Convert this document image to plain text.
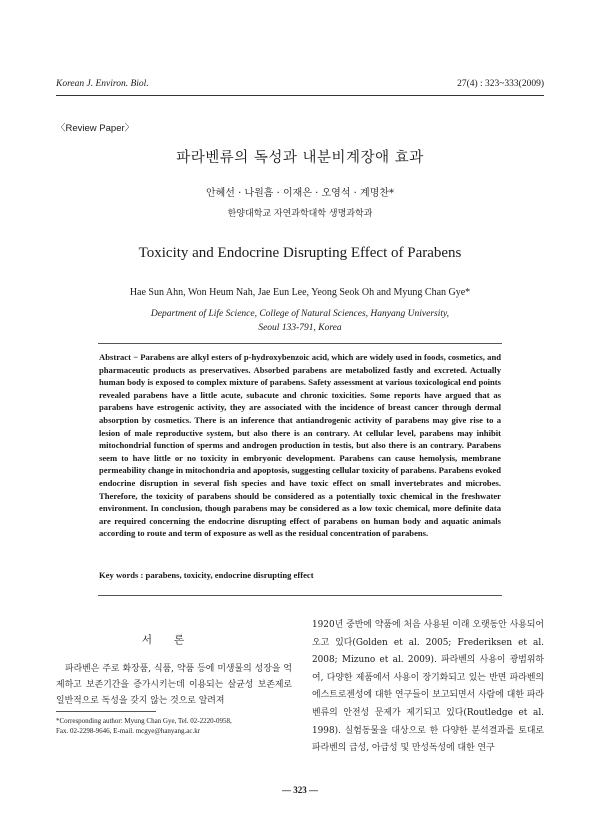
Korean J. Environ. Biol.	27(4) : 323~333(2009)
〈Review Paper〉
파라벤류의 독성과 내분비계장애 효과
안혜선 · 나원흠 · 이재은 · 오영석 · 계명찬*
한양대학교 자연과학대학 생명과학과
Toxicity and Endocrine Disrupting Effect of Parabens
Hae Sun Ahn, Won Heum Nah, Jae Eun Lee, Yeong Seok Oh and Myung Chan Gye*
Department of Life Science, College of Natural Sciences, Hanyang University,
Seoul 133-791, Korea

Abstract − Parabens are alkyl esters of p-hydroxybenzoic acid, which are widely used in foods, cosmetics, and pharmaceutic products as preservatives. Absorbed parabens are metabolized fastly and excreted. Actually human body is exposed to complex mixture of parabens. Safety assessment at various toxicological end points revealed parabens have a little acute, subacute and chronic toxicities. Some reports have argued that as parabens have estrogenic activity, they are associated with the incidence of breast cancer through dermal absorption by cosmetics. There is an inference that antiandrogenic activity of parabens may give rise to a lesion of male reproductive system, but also there is an contrary. At cellular level, parabens may inhibit mitochondrial function of sperms and androgen production in testis, but also there is an contrary. Parabens seem to have little or no toxicity in embryonic development. Parabens can cause hemolysis, membrane permeability change in mitochondria and apoptosis, suggesting cellular toxicity of parabens. Parabens evoked endocrine disruption in several fish species and have toxic effect on small invertebrates and microbes. Therefore, the toxicity of parabens should be considered as a potentially toxic chemical in the freshwater environment. In conclusion, though parabens may be considered as a low toxic chemical, more definite data are required concerning the endocrine disrupting effect of parabens on human body and aquatic animals according to route and term of exposure as well as the residual concentration of parabens.

Key words : parabens, toxicity, endocrine disrupting effect
서론

파라벤은 주로 화장품, 식품, 약품 등에 미생물의 성장을 억제하고 보존기간을 증가시키는데 이용되는 살균성 보존제로 일반적으로 독성을 갖지 않는 것으로 알려져

*Corresponding author: Myung Chan Gye, Tel. 02-2220-0958,
Fax. 02-2298-9646, E-mail. mcgye@hanyang.ac.kr

1920년 중반에 약품에 처음 사용된 이래 오랫동안 사용되어 오고 있다(Golden et al. 2005; Frederiksen et al. 2008; Mizuno et al. 2009). 파라벤의 사용이 광범위하여, 다양한 제품에서 사용이 장기화되고 있는 반면 파라벤의 에스트로젠성에 대한 연구들이 보고되면서 사람에 대한 파라벤류의 안전성 문제가 제기되고 있다(Routledge et al. 1998). 실험동물을 대상으로 한 다양한 분석결과를 토대로 파라벤의 급성, 아급성 및 만성독성에 대한 연구

— 323 —
